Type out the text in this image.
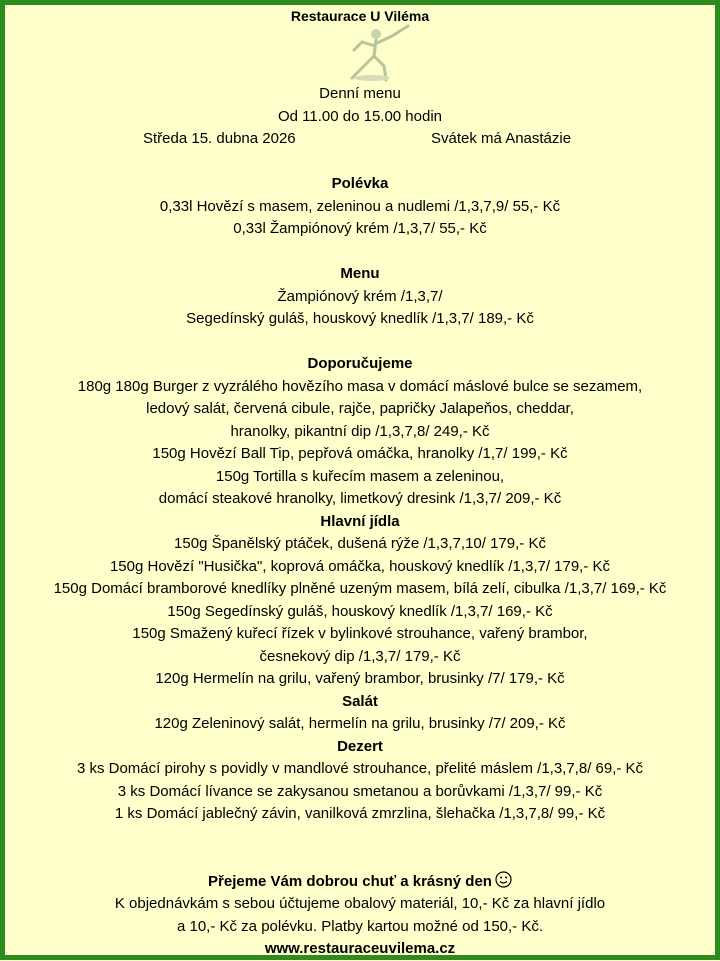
Restaurace U Viléma
Denní menu
Od 11.00 do 15.00 hodin
Středa 15. dubna 2026	Svátek má Anastázie
Polévka
0,33l Hovězí s masem, zeleninou a nudlemi /1,3,7,9/ 55,- Kč
0,33l Žampiónový krém /1,3,7/ 55,- Kč
Menu
Žampiónový krém /1,3,7/
Segedínský guláš, houskový knedlík /1,3,7/ 189,- Kč
Doporučujeme
180g 180g Burger z vyzrálého hovězího masa v domácí máslové bulce se sezamem,
ledový salát, červená cibule, rajče, papričky Jalapeňos, cheddar,
hranolky, pikantní dip /1,3,7,8/ 249,- Kč
150g Hovězí Ball Tip, pepřová omáčka, hranolky /1,7/ 199,- Kč
150g Tortilla s kuřecím masem a zeleninou,
domácí steakové hranolky, limetkový dresink /1,3,7/ 209,- Kč
Hlavní jídla
150g Španělský ptáček, dušená rýže /1,3,7,10/ 179,- Kč
150g Hovězí "Husička", koprová omáčka, houskový knedlík /1,3,7/ 179,- Kč
150g Domácí bramborové knedlíky plněné uzeným masem, bílá zelí, cibulka /1,3,7/ 169,- Kč
150g Segedínský guláš, houskový knedlík /1,3,7/ 169,- Kč
150g Smažený kuřecí řízek v bylinkové strouhance, vařený brambor,
česnekový dip /1,3,7/ 179,- Kč
120g Hermelín na grilu, vařený brambor, brusinky /7/ 179,- Kč
Salát
120g Zeleninový salát, hermelín na grilu, brusinky /7/ 209,- Kč
Dezert
3 ks Domácí pirohy s povidly v mandlové strouhance, přelité máslem /1,3,7,8/ 69,- Kč
3 ks Domácí lívance se zakysanou smetanou a borůvkami /1,3,7/ 99,- Kč
1 ks Domácí jablečný závin, vanilková zmrzlina, šlehačka /1,3,7,8/ 99,- Kč
Přejeme Vám dobrou chuť a krásný den
K objednávkám s sebou účtujeme obalový materiál, 10,- Kč za hlavní jídlo
a 10,- Kč za polévku. Platby kartou možné od 150,- Kč.
www.restauraceuvilema.cz
